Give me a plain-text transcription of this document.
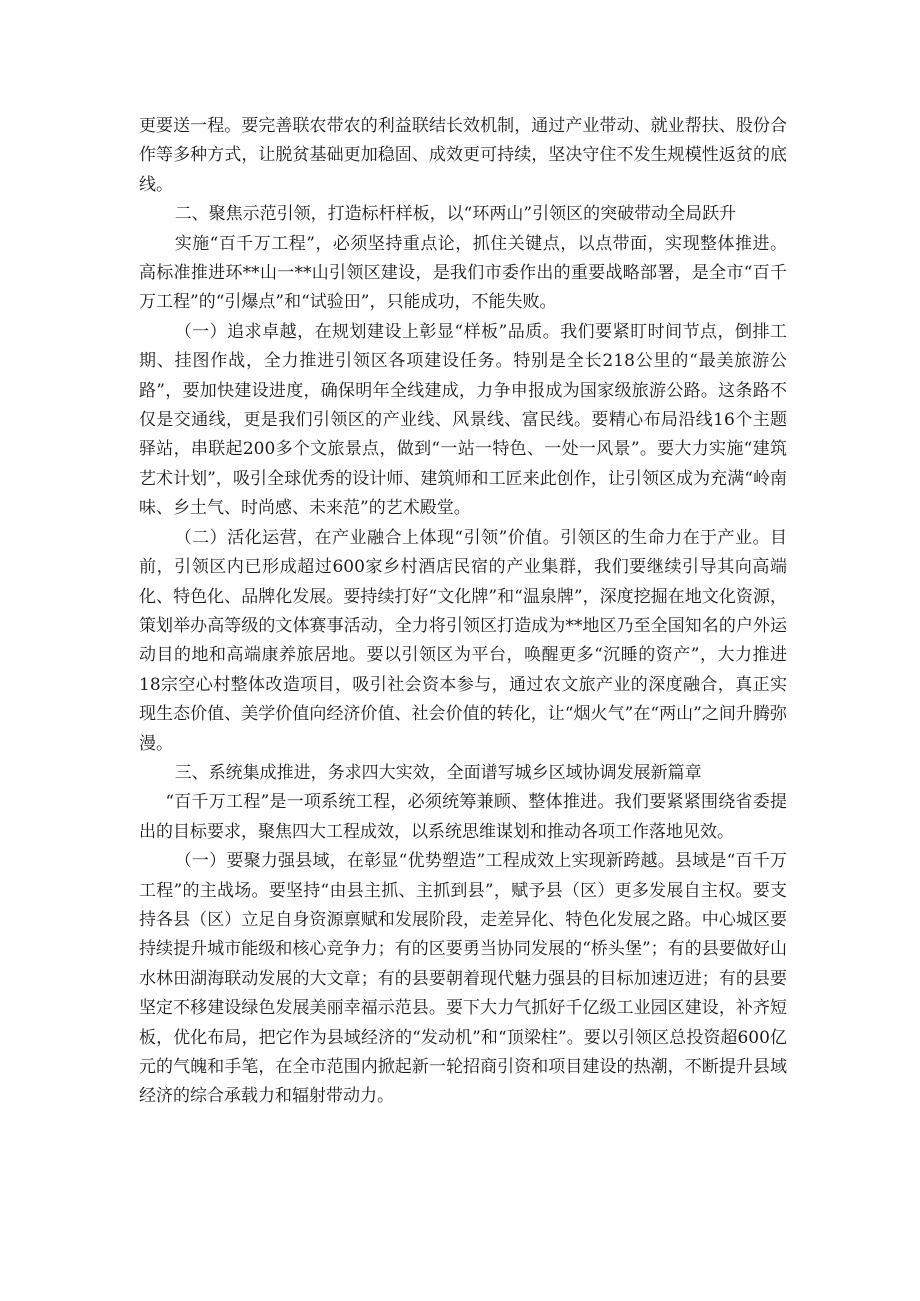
更要送一程。要完善联农带农的利益联结长效机制，通过产业带动、就业帮扶、股份合作等多种方式，让脱贫基础更加稳固、成效更可持续，坚决守住不发生规模性返贫的底线。

二、聚焦示范引领，打造标杆样板，以“环两山”引领区的突破带动全局跃升

实施“百千万工程”，必须坚持重点论，抓住关键点，以点带面，实现整体推进。高标准推进环**山一**山引领区建设，是我们市委作出的重要战略部署，是全市“百千万工程”的“引爆点”和“试验田”，只能成功，不能失败。

（一）追求卓越，在规划建设上彰显“样板”品质。我们要紧盯时间节点，倒排工期、挂图作战，全力推进引领区各项建设任务。特别是全长218公里的“最美旅游公路”，要加快建设进度，确保明年全线建成，力争申报成为国家级旅游公路。这条路不仅是交通线，更是我们引领区的产业线、风景线、富民线。要精心布局沿线16个主题驿站，串联起200多个文旅景点，做到“一站一特色、一处一风景”。要大力实施“建筑艺术计划”，吸引全球优秀的设计师、建筑师和工匠来此创作，让引领区成为充满“岭南味、乡土气、时尚感、未来范”的艺术殿堂。

（二）活化运营，在产业融合上体现“引领”价值。引领区的生命力在于产业。目前，引领区内已形成超过600家乡村酒店民宿的产业集群，我们要继续引导其向高端化、特色化、品牌化发展。要持续打好“文化牌”和“温泉牌”，深度挖掘在地文化资源，策划举办高等级的文体赛事活动，全力将引领区打造成为**地区乃至全国知名的户外运动目的地和高端康养旅居地。要以引领区为平台，唤醒更多“沉睡的资产”，大力推进18宗空心村整体改造项目，吸引社会资本参与，通过农文旅产业的深度融合，真正实现生态价值、美学价值向经济价值、社会价值的转化，让“烟火气”在“两山”之间升腾弥漫。

三、系统集成推进，务求四大实效，全面谱写城乡区域协调发展新篇章

“百千万工程”是一项系统工程，必须统筹兼顾、整体推进。我们要紧紧围绕省委提出的目标要求，聚焦四大工程成效，以系统思维谋划和推动各项工作落地见效。

（一）要聚力强县域，在彰显“优势塑造”工程成效上实现新跨越。县域是“百千万工程”的主战场。要坚持“由县主抓、主抓到县”，赋予县（区）更多发展自主权。要支持各县（区）立足自身资源禀赋和发展阶段，走差异化、特色化发展之路。中心城区要持续提升城市能级和核心竞争力；有的区要勇当协同发展的“桥头堡”；有的县要做好山水林田湖海联动发展的大文章；有的县要朝着现代魅力强县的目标加速迈进；有的县要坚定不移建设绿色发展美丽幸福示范县。要下大力气抓好千亿级工业园区建设，补齐短板，优化布局，把它作为县域经济的“发动机”和“顶梁柱”。要以引领区总投资超600亿元的气魄和手笔，在全市范围内掀起新一轮招商引资和项目建设的热潮，不断提升县域经济的综合承载力和辐射带动力。
